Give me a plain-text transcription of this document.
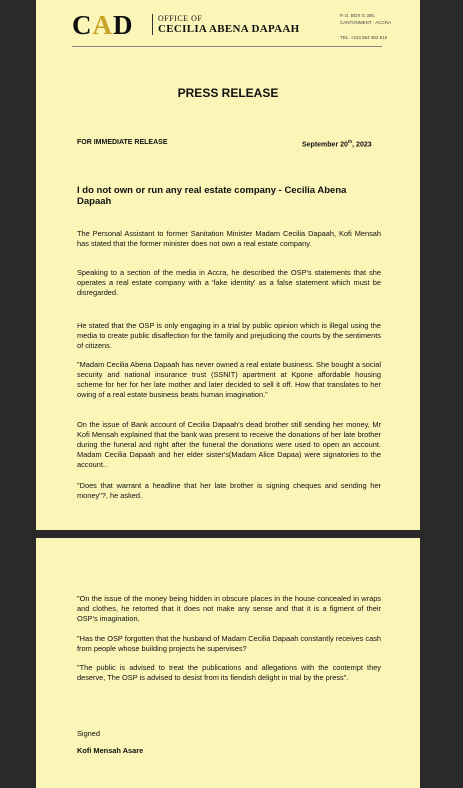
CAD	OFFICE OF
CECILIA ABENA DAPAAH
P. O. BOX G 305,
CANTONMENT · ACCRA
TEL: +233 554 352 615
PRESS RELEASE
FOR IMMEDIATE RELEASE	September 20th, 2023
I do not own or run any real estate company - Cecilia Abena Dapaah

The Personal Assistant to former Sanitation Minister Madam Cecilia Dapaah, Kofi Mensah has stated that the former minister does not own a real estate company.

Speaking to a section of the media in Accra, he described the OSP's statements that she operates a real estate company with a 'fake identity' as a false statement which must be disregarded.

He stated that the OSP is only engaging in a trial by public opinion which is illegal using the media to create public disaffection for the family and prejudicing the courts by the sentiments of citizens.

"Madam Cecilia Abena Dapaah has never owned a real estate business. She bought a social security and national insurance trust (SSNIT) apartment at Kpone affordable housing scheme for her for her late mother and later decided to sell it off. How that translates to her owing of a real estate business beats human imagination."

On the issue of Bank account of Cecilia Dapaah's dead brother still sending her money, Mr Kofi Mensah explained that the bank was present to receive the donations of her late brother during the funeral and right after the funeral the donations were used to open an account. Madam Cecilia Dapaah and her elder sister's(Madam Alice Dapaa) were signatories to the account..

"Does that warrant a headline that her late brother is signing cheques and sending her money"?, he asked.

"On the issue of the money being hidden in obscure places in the house concealed in wraps and clothes, he retorted that it does not make any sense and that it is a figment of their OSP's imagination.

"Has the OSP forgotten that the husband of Madam Cecilia Dapaah constantly receives cash from people whose building projects he supervises?

"The public is advised to treat the publications and allegations with the contempt they deserve, The OSP is advised to desist from its fiendish delight in trial by the press".

Signed
Kofi Mensah Asare
